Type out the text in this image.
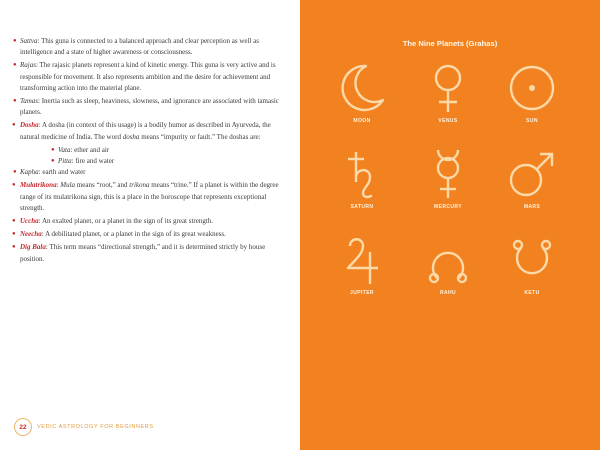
● Sattva: This guna is connected to a balanced approach and clear perception as well as intelligence and a state of higher awareness or consciousness.
● Rajas: The rajasic planets represent a kind of kinetic energy. This guna is very active and is responsible for movement. It also represents ambition and the desire for achievement and transforming action into the material plane.
● Tamas: Inertia such as sleep, heaviness, slowness, and ignorance are associated with tamasic planets.
● Dosha: A dosha (in context of this usage) is a bodily humor as described in Ayurveda, the natural medicine of India. The word dosha means “impurity or fault.” The doshas are:
● Vata: ether and air
● Pitta: fire and water
● Kapha: earth and water
● Mulatrikona: Mula means “root,” and trikona means “trine.” If a planet is within the degree range of its mulatrikona sign, this is a place in the horoscope that represents exceptional strength.
● Uccha: An exalted planet, or a planet in the sign of its great strength.
● Neecha: A debilitated planet, or a planet in the sign of its great weakness.
● Dig Bala: This term means “directional strength,” and it is determined strictly by house position.
22	VEDIC ASTROLOGY FOR BEGINNERS
The Nine Planets (Grahas)
MOON	VENUS	SUN
SATURN	MERCURY	MARS
JUPITER	RAHU	KETU
